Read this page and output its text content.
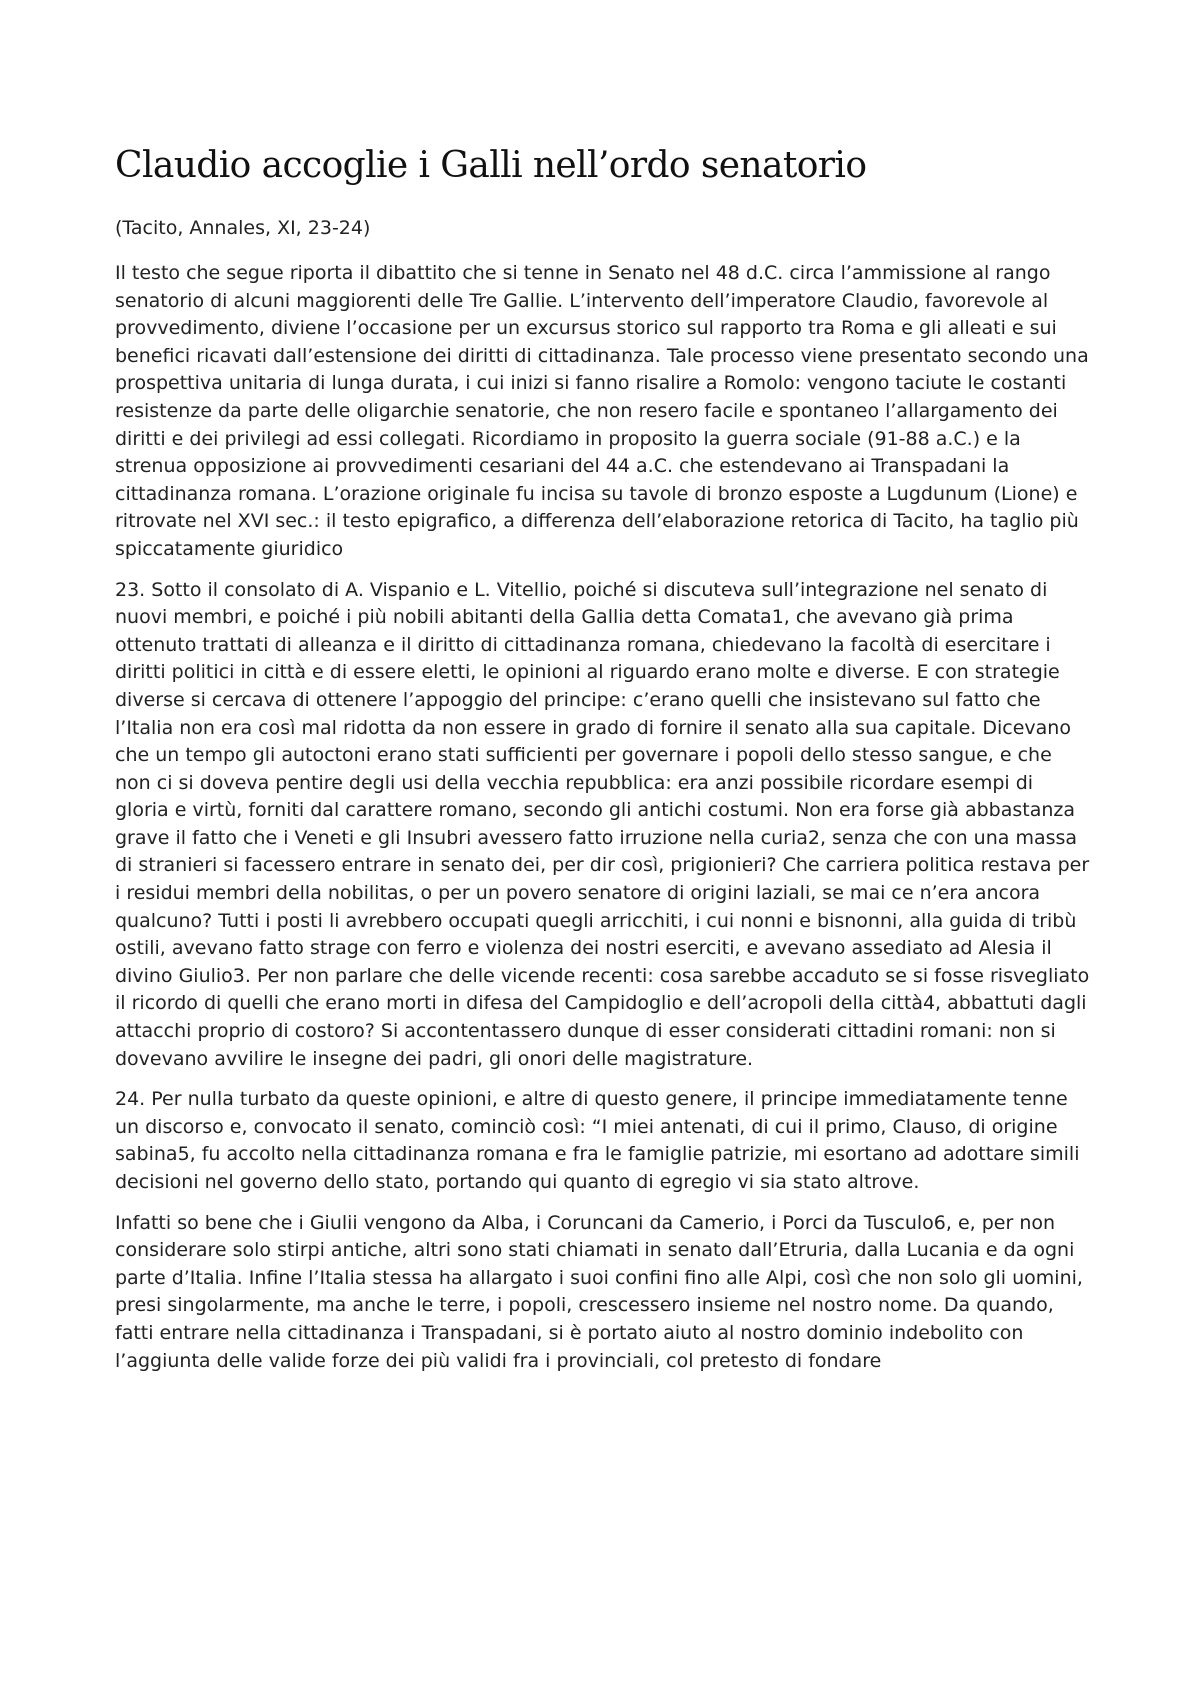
Claudio accoglie i Galli nell’ordo senatorio

(Tacito, Annales, XI, 23-24)

Il testo che segue riporta il dibattito che si tenne in Senato nel 48 d.C. circa l’ammissione al rango senatorio di alcuni maggiorenti delle Tre Gallie. L’intervento dell’imperatore Claudio, favorevole al provvedimento, diviene l’occasione per un excursus storico sul rapporto tra Roma e gli alleati e sui benefici ricavati dall’estensione dei diritti di cittadinanza. Tale processo viene presentato secondo una prospettiva unitaria di lunga durata, i cui inizi si fanno risalire a Romolo: vengono taciute le costanti resistenze da parte delle oligarchie senatorie, che non resero facile e spontaneo l’allargamento dei diritti e dei privilegi ad essi collegati. Ricordiamo in proposito la guerra sociale (91-88 a.C.) e la strenua opposizione ai provvedimenti cesariani del 44 a.C. che estendevano ai Transpadani la cittadinanza romana. L’orazione originale fu incisa su tavole di bronzo esposte a Lugdunum (Lione) e ritrovate nel XVI sec.: il testo epigrafico, a differenza dell’elaborazione retorica di Tacito, ha taglio più spiccatamente giuridico

23. Sotto il consolato di A. Vispanio e L. Vitellio, poiché si discuteva sull’integrazione nel senato di nuovi membri, e poiché i più nobili abitanti della Gallia detta Comata1, che avevano già prima ottenuto trattati di alleanza e il diritto di cittadinanza romana, chiedevano la facoltà di esercitare i diritti politici in città e di essere eletti, le opinioni al riguardo erano molte e diverse. E con strategie diverse si cercava di ottenere l’appoggio del principe: c’erano quelli che insistevano sul fatto che l’Italia non era così mal ridotta da non essere in grado di fornire il senato alla sua capitale. Dicevano che un tempo gli autoctoni erano stati sufficienti per governare i popoli dello stesso sangue, e che non ci si doveva pentire degli usi della vecchia repubblica: era anzi possibile ricordare esempi di gloria e virtù, forniti dal carattere romano, secondo gli antichi costumi. Non era forse già abbastanza grave il fatto che i Veneti e gli Insubri avessero fatto irruzione nella curia2, senza che con una massa di stranieri si facessero entrare in senato dei, per dir così, prigionieri? Che carriera politica restava per i residui membri della nobilitas, o per un povero senatore di origini laziali, se mai ce n’era ancora qualcuno? Tutti i posti li avrebbero occupati quegli arricchiti, i cui nonni e bisnonni, alla guida di tribù ostili, avevano fatto strage con ferro e violenza dei nostri eserciti, e avevano assediato ad Alesia il divino Giulio3. Per non parlare che delle vicende recenti: cosa sarebbe accaduto se si fosse risvegliato il ricordo di quelli che erano morti in difesa del Campidoglio e dell’acropoli della città4, abbattuti dagli attacchi proprio di costoro? Si accontentassero dunque di esser considerati cittadini romani: non si dovevano avvilire le insegne dei padri, gli onori delle magistrature.

24. Per nulla turbato da queste opinioni, e altre di questo genere, il principe immediatamente tenne un discorso e, convocato il senato, cominciò così: “I miei antenati, di cui il primo, Clauso, di origine sabina5, fu accolto nella cittadinanza romana e fra le famiglie patrizie, mi esortano ad adottare simili decisioni nel governo dello stato, portando qui quanto di egregio vi sia stato altrove.

Infatti so bene che i Giulii vengono da Alba, i Coruncani da Camerio, i Porci da Tusculo6, e, per non considerare solo stirpi antiche, altri sono stati chiamati in senato dall’Etruria, dalla Lucania e da ogni parte d’Italia. Infine l’Italia stessa ha allargato i suoi confini fino alle Alpi, così che non solo gli uomini, presi singolarmente, ma anche le terre, i popoli, crescessero insieme nel nostro nome. Da quando, fatti entrare nella cittadinanza i Transpadani, si è portato aiuto al nostro dominio indebolito con l’aggiunta delle valide forze dei più validi fra i provinciali, col pretesto di fondare
